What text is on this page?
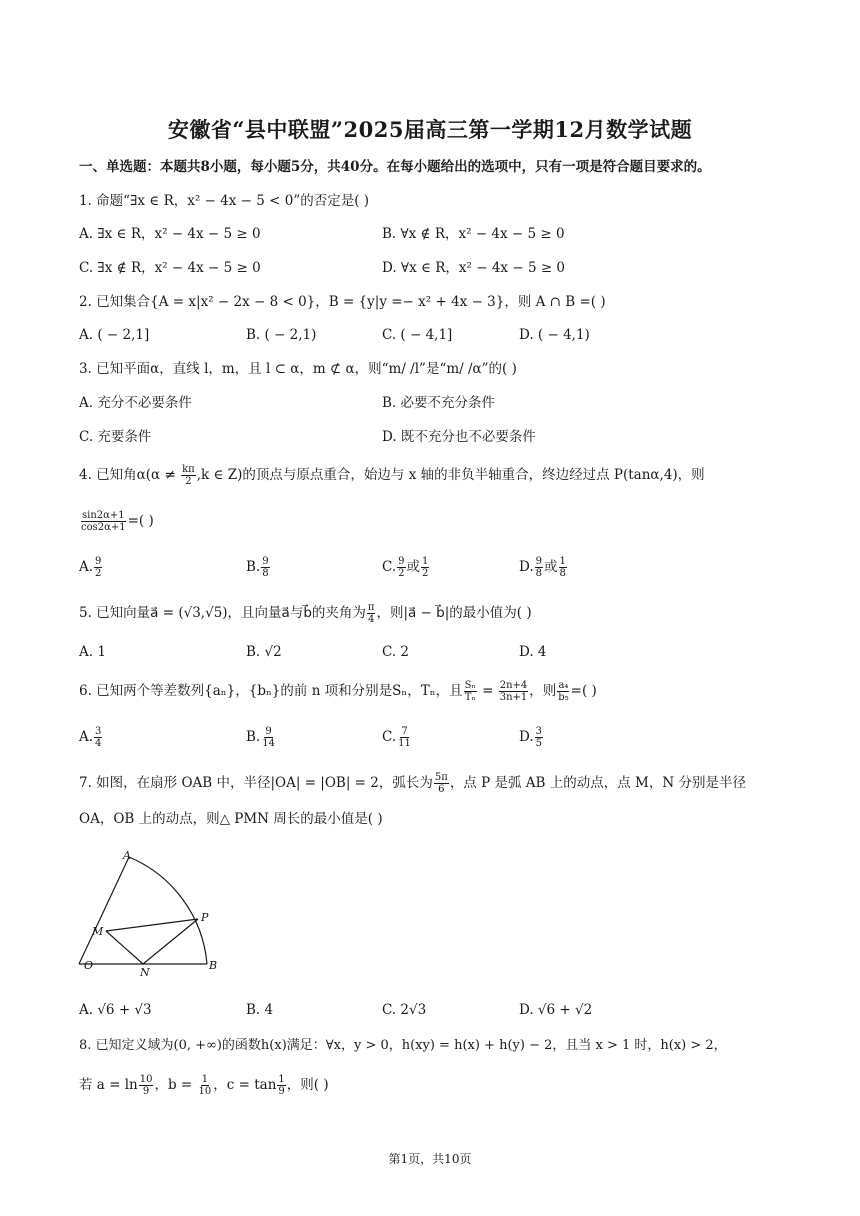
安徽省“县中联盟”2025届高三第一学期12月数学试题
一、单选题：本题共8小题，每小题5分，共40分。在每小题给出的选项中，只有一项是符合题目要求的。
1. 命题“∃x ∈ R，x² − 4x − 5 < 0”的否定是( )
A. ∃x ∈ R，x² − 4x − 5 ≥ 0	B. ∀x ∉ R，x² − 4x − 5 ≥ 0
C. ∃x ∉ R，x² − 4x − 5 ≥ 0	D. ∀x ∈ R，x² − 4x − 5 ≥ 0
2. 已知集合{A = x|x² − 2x − 8 < 0}，B = {y|y =− x² + 4x − 3}，则 A ∩ B =( )
A. ( − 2,1]	B. ( − 2,1)	C. ( − 4,1]	D. ( − 4,1)
3. 已知平面α，直线 l，m，且 l ⊂ α，m ⊄ α，则“m/ /l”是“m/ /α”的( )
A. 充分不必要条件	B. 必要不充分条件
C. 充要条件	D. 既不充分也不必要条件
4. 已知角$\alpha(\alpha \ne \frac{k\pi}{2} ,k$ ∈ Z)的顶点与原点重合，始边与 x 轴的非负半轴重合，终边经过点 P(tanα,4)，则
$\frac{\sin 2\alpha+1}{\cos 2\alpha+1}$ =( )
A. $\frac{9}{2}$	B. $\frac{9}{8}$	C. $\frac{9}{2}$ 或 $\frac{1}{2}$	D. $\frac{9}{8}$ 或 $\frac{1}{8}$
5. 已知向量a⃗ = (√3,√5)，且向量a⃗与b⃗的夹角为 $\frac{\pi}{4}$ ，则|a⃗ − b⃗|的最小值为( )
A. 1	B. √2	C. 2	D. 4
6. 已知两个等差数列{aₙ}，{bₙ}的前 n 项和分别是Sₙ，Tₙ，且 $\frac{\text{Sₙ}}{\text{Tₙ}} = \frac{2n+4}{3n+1}$ ，则 $\frac{\text{a₄}}{\text{b₅}}$ =( )
A. $\frac{3}{4}$	B. $\frac{9}{14}$	C. $\frac{7}{11}$	D. $\frac{3}{5}$
7. 如图，在扇形 OAB 中，半径|OA| = |OB| = 2，弧长为 $\frac{5\pi}{6}$ ，点 P 是弧 AB 上的动点，点 M，N 分别是半径
OA，OB 上的动点，则△ PMN 周长的最小值是( )
A
P
M
O
N
B
A. √6 + √3	B. 4	C. 2√3	D. √6 + √2
8. 已知定义域为(0, +∞)的函数h(x)满足：∀x，y > 0，h(xy) = h(x) + h(y) − 2，且当 x > 1 时，h(x) > 2，
若 $a = \ln \frac{10}{9}$ ，$b = \frac{1}{10}$ ，$c = \tan \frac{1}{9}$ ，则( )
第1页，共10页
